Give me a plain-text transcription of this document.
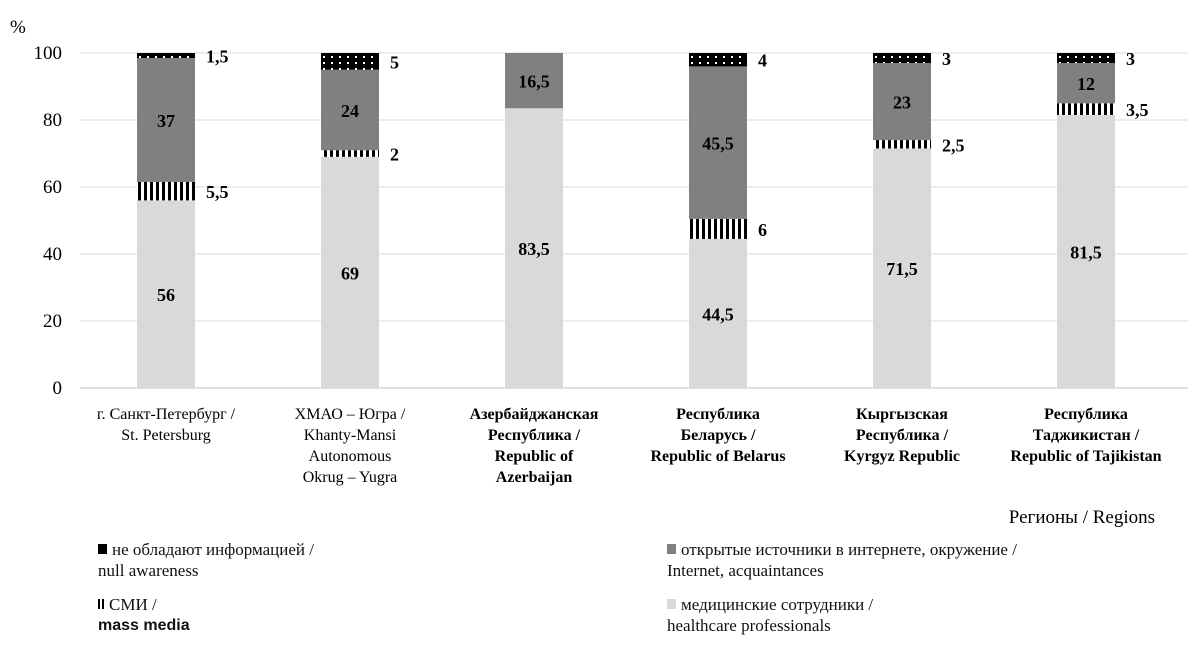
56
5,5
37
1,5
69
2
24
5
83,5
16,5
44,5
6
45,5
4
71,5
2,5
23
3
81,5
3,5
12
3
0
20
40
60
80
100
г. Санкт-Петербург / St. Petersburg
ХМАО – Югра / Khanty-Mansi Autonomous Okrug – Yugra
Азербайджанская Республика / Republic of Azerbaijan
Республика Беларусь / Republic of Belarus
Кыргызская Республика / Kyrgyz Republic
Республика Таджикистан / Republic of Tajikistan
%
Регионы / Regions
не обладают информацией /
null awareness
СМИ /
mass media
открытые источники в интернете, окружение /
Internet, acquaintances
медицинские сотрудники /
healthcare professionals
